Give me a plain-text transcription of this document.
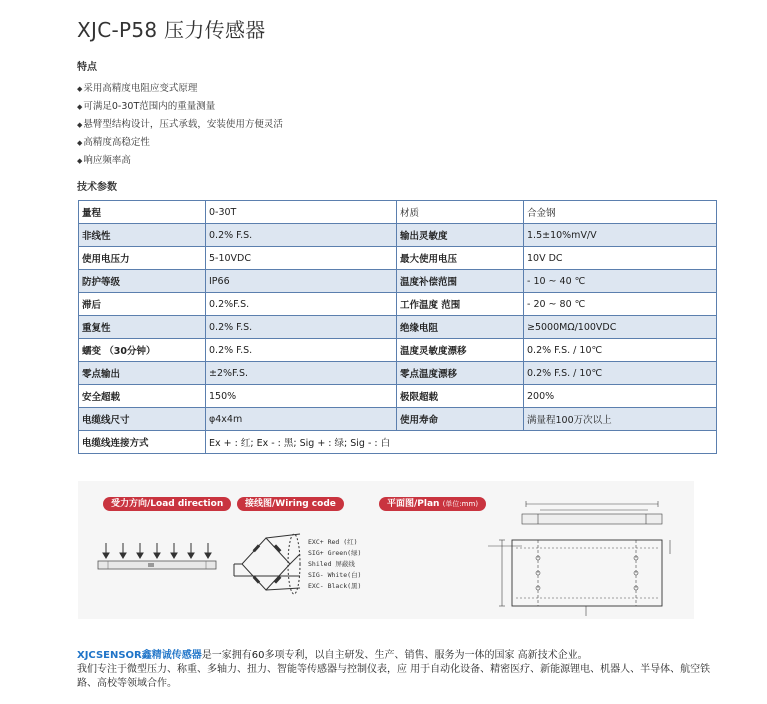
XJC-P58 压力传感器
特点
◆采用高精度电阻应变式原理
◆可满足0-30T范围内的重量测量
◆悬臂型结构设计，压式承载，安装使用方便灵活
◆高精度高稳定性
◆响应频率高
技术参数
量程	0-30T	材质	合金钢
非线性	0.2% F.S.	输出灵敏度	1.5±10%mV/V
使用电压力	5-10VDC	最大使用电压	10V DC
防护等级	IP66	温度补偿范围	- 10 ~ 40 ℃
滞后	0.2%F.S.	工作温度 范围	- 20 ~ 80 ℃
重复性	0.2% F.S.	绝缘电阻	≥5000MΩ/100VDC
蠕变 （30分钟）	0.2% F.S.	温度灵敏度漂移	0.2% F.S. / 10℃
零点输出	±2%F.S.	零点温度漂移	0.2% F.S. / 10℃
安全超载	150%	极限超载	200%
电缆线尺寸	φ4x4m	使用寿命	满量程100万次以上
电缆线连接方式	Ex + : 红; Ex - : 黑; Sig + : 绿; Sig - : 白		
受力方向/Load direction	接线图/Wiring code	平面图/Plan (单位:mm)
EXC+ Red (红)
SIG+ Green(绿)
Shiled 屏蔽线
SIG- White(白)
EXC- Black(黑)
XJCSENSOR鑫精诚传感器是一家拥有60多项专利，以自主研发、生产、销售、服务为一体的国家 高新技术企业。
我们专注于微型压力、称重、多轴力、扭力、智能等传感器与控制仪表，应 用于自动化设备、精密医疗、新能源锂电、机器人、半导体、航空铁路、高校等领域合作。
